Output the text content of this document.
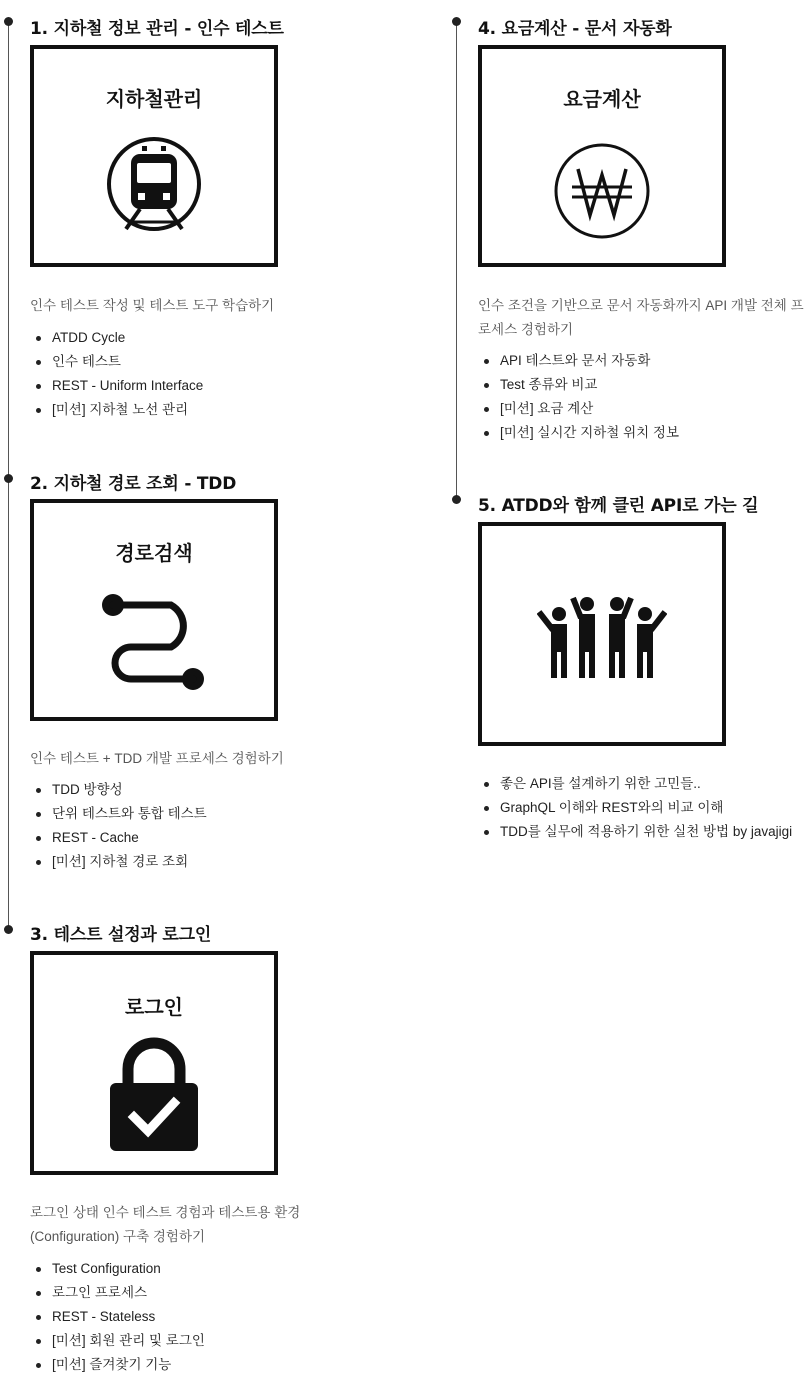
1. 지하철 정보 관리 - 인수 테스트
지하철관리
인수 테스트 작성 및 테스트 도구 학습하기
ATDD Cycle
인수 테스트
REST - Uniform Interface
[미션] 지하철 노선 관리
2. 지하철 경로 조회 - TDD
경로검색
인수 테스트 + TDD 개발 프로세스 경험하기
TDD 방향성
단위 테스트와 통합 테스트
REST - Cache
[미션] 지하철 경로 조회
3. 테스트 설정과 로그인
로그인
로그인 상태 인수 테스트 경험과 테스트용 환경
(Configuration) 구축 경험하기
Test Configuration
로그인 프로세스
REST - Stateless
[미션] 회원 관리 및 로그인
[미션] 즐겨찾기 기능
4. 요금계산 - 문서 자동화
요금계산
인수 조건을 기반으로 문서 자동화까지 API 개발 전체 프
로세스 경험하기
API 테스트와 문서 자동화
Test 종류와 비교
[미션] 요금 계산
[미션] 실시간 지하철 위치 정보
5. ATDD와 함께 클린 API로 가는 길
좋은 API를 설계하기 위한 고민들..
GraphQL 이해와 REST와의 비교 이해
TDD를 실무에 적용하기 위한 실천 방법 by javajigi
